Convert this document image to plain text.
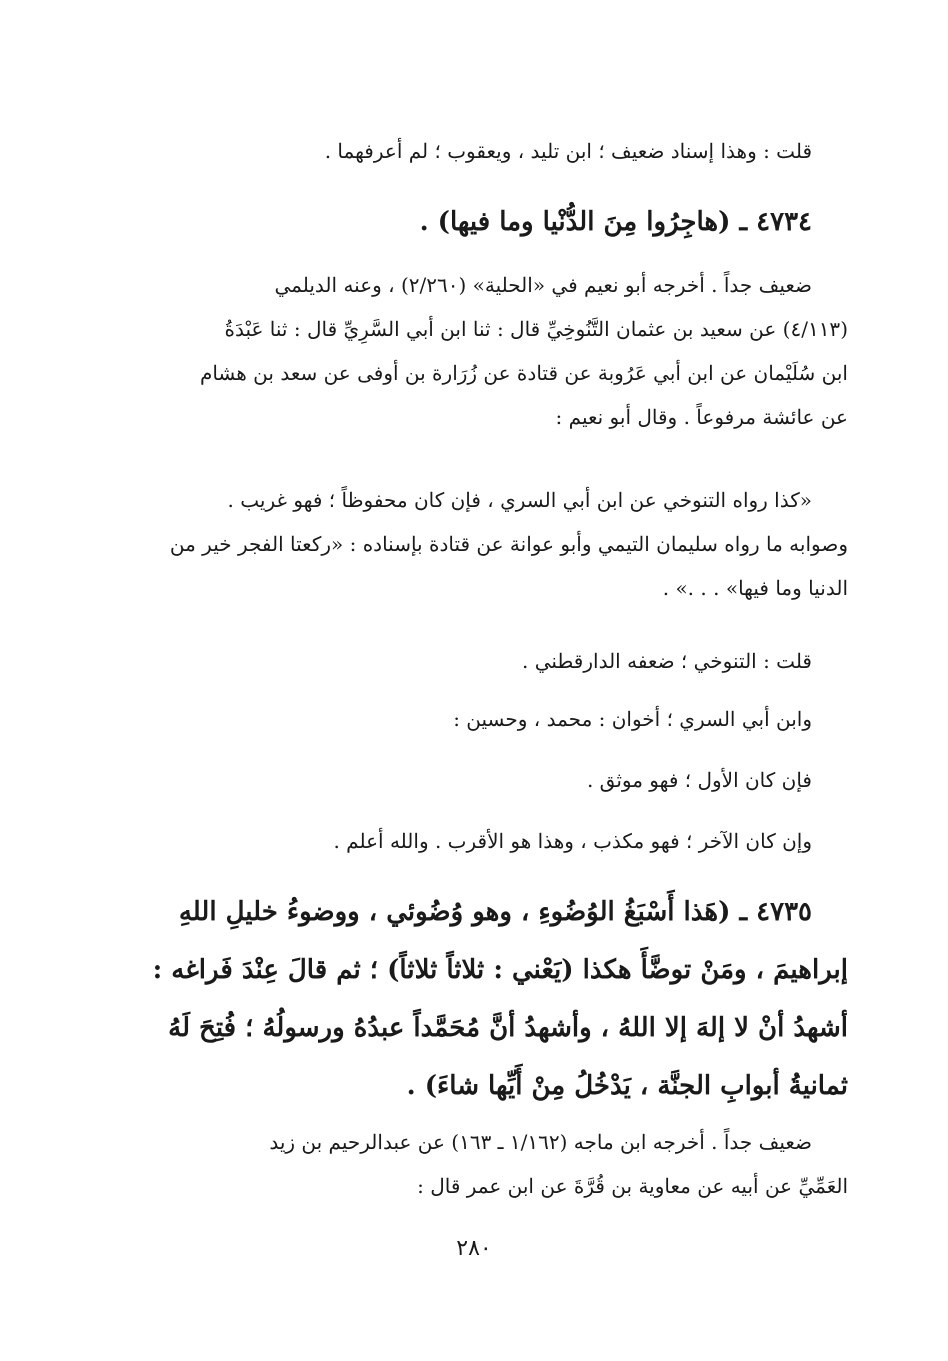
قلت : وهذا إسناد ضعيف ؛ ابن تليد ، ويعقوب ؛ لم أعرفهما .
٤٧٣٤ ـ (هاجِرُوا مِنَ الدُّنْيا وما فيها) .
ضعيف جداً . أخرجه أبو نعيم في «الحلية» (٢/٢٦٠) ، وعنه الديلمي
(٤/١١٣) عن سعيد بن عثمان التَّنُوخِيِّ قال : ثنا ابن أبي السَّرِيِّ قال : ثنا عَبْدَةُ
ابن سُلَيْمان عن ابن أبي عَرُوبة عن قتادة عن زُرَارة بن أوفى عن سعد بن هشام
عن عائشة مرفوعاً . وقال أبو نعيم :
«كذا رواه التنوخي عن ابن أبي السري ، فإن كان محفوظاً ؛ فهو غريب .
وصوابه ما رواه سليمان التيمي وأبو عوانة عن قتادة بإسناده : «ركعتا الفجر خير من
الدنيا وما فيها» . . .» .
قلت : التنوخي ؛ ضعفه الدارقطني .
وابن أبي السري ؛ أخوان : محمد ، وحسين :
فإن كان الأول ؛ فهو موثق .
وإن كان الآخر ؛ فهو مكذب ، وهذا هو الأقرب . والله أعلم .
٤٧٣٥ ـ (هَذا أَسْبَغُ الوُضُوءِ ، وهو وُضُوئي ، ووضوءُ خليلِ اللهِ
إبراهيمَ ، ومَنْ توضَّأَ هكذا (يَعْني : ثلاثاً ثلاثاً) ؛ ثم قالَ عِنْدَ فَراغه :
أشهدُ أنْ لا إلهَ إلا اللهُ ، وأشهدُ أنَّ مُحَمَّداً عبدُهُ ورسولُهُ ؛ فُتِحَ لَهُ
ثمانيةُ أبوابِ الجنَّة ، يَدْخُلُ مِنْ أَيِّها شاءَ) .
ضعيف جداً . أخرجه ابن ماجه (١/١٦٢ ـ ١٦٣) عن عبدالرحيم بن زيد
العَمِّيِّ عن أبيه عن معاوية بن قُرَّةَ عن ابن عمر قال :
٢٨٠
